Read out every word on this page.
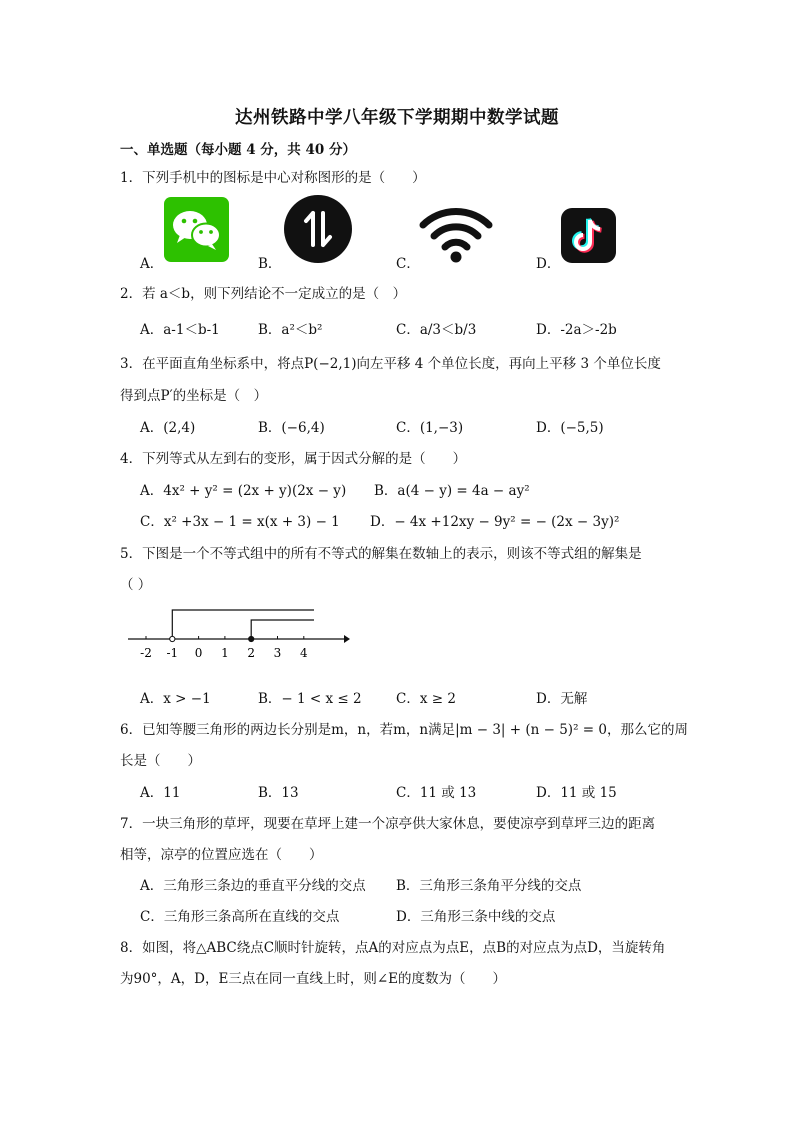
达州铁路中学八年级下学期期中数学试题
一、单选题（每小题 4 分，共 40 分）
1．下列手机中的图标是中心对称图形的是（　　）
A．	B．	C．	D．
2．若 a＜b，则下列结论不一定成立的是（　）
A．a-1＜b-1	B．a²＜b²	C．a/3＜b/3	D．-2a＞-2b
3．在平面直角坐标系中，将点P(−2,1)向左平移 4 个单位长度，再向上平移 3 个单位长度
得到点P′的坐标是（　）
A．(2,4)	B．(−6,4)	C．(1,−3)	D．(−5,5)
4．下列等式从左到右的变形，属于因式分解的是（　　）
A．4x² + y² = (2x + y)(2x − y) B．a(4 − y) = 4a − ay²
C．x² +3x − 1 = x(x + 3) − 1 D．− 4x +12xy − 9y² = − (2x − 3y)²
5．下图是一个不等式组中的所有不等式的解集在数轴上的表示，则该不等式组的解集是
（ ）
-2 -1 0 1 2 3 4
A．x > −1	B．− 1 < x ≤ 2	C．x ≥ 2	D．无解
6．已知等腰三角形的两边长分别是m，n，若m，n满足|m − 3| + (n − 5)² = 0，那么它的周
长是（　　）
A．11	B．13	C．11 或 13	D．11 或 15
7．一块三角形的草坪，现要在草坪上建一个凉亭供大家休息，要使凉亭到草坪三边的距离
相等，凉亭的位置应选在（　　）
A．三角形三条边的垂直平分线的交点 B．三角形三条角平分线的交点
C．三角形三条高所在直线的交点	D．三角形三条中线的交点
8．如图，将△ABC绕点C顺时针旋转，点A的对应点为点E，点B的对应点为点D，当旋转角
为90°，A，D，E三点在同一直线上时，则∠E的度数为（　　）
